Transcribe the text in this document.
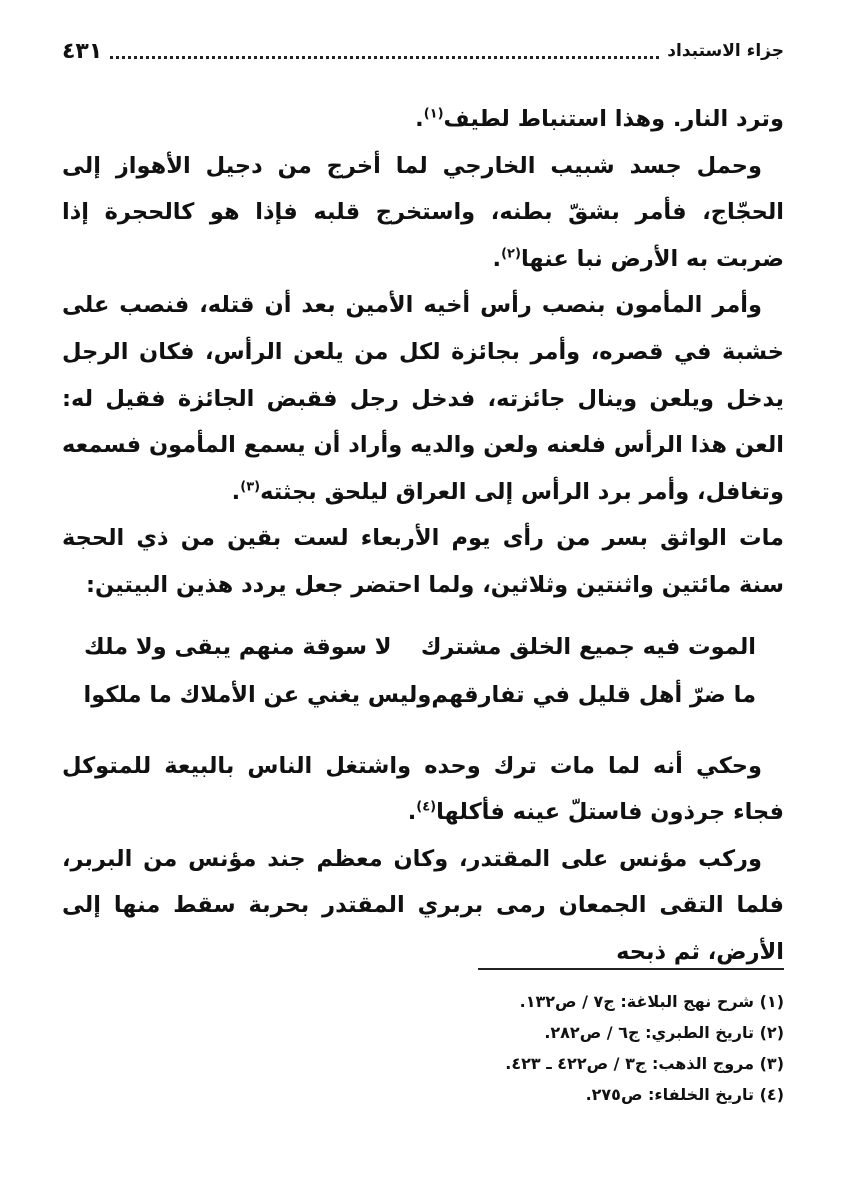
٤٣١	جزاء الاستبداد

وترد النار. وهذا استنباط لطيف$^{(١)}$.

وحمل جسد شبيب الخارجي لما أخرج من دجيل الأهواز إلى الحجّاج، فأمر بشقّ بطنه، واستخرج قلبه فإذا هو كالحجرة إذا ضربت به الأرض نبا عنها$^{(٢)}$.

وأمر المأمون بنصب رأس أخيه الأمين بعد أن قتله، فنصب على خشبة في قصره، وأمر بجائزة لكل من يلعن الرأس، فكان الرجل يدخل ويلعن وينال جائزته، فدخل رجل فقبض الجائزة فقيل له: العن هذا الرأس فلعنه ولعن والديه وأراد أن يسمع المأمون فسمعه وتغافل، وأمر برد الرأس إلى العراق ليلحق بجثته$^{(٣)}$.

مات الواثق بسر من رأى يوم الأربعاء لست بقين من ذي الحجة سنة مائتين واثنتين وثلاثين، ولما احتضر جعل يردد هذين البيتين:

الموت فيه جميع الخلق مشترك
لا سوقة منهم يبقى ولا ملك
ما ضرّ أهل قليل في تفارقهم
وليس يغني عن الأملاك ما ملكوا

وحكي أنه لما مات ترك وحده واشتغل الناس بالبيعة للمتوكل فجاء جرذون فاستلّ عينه فأكلها$^{(٤)}$.

وركب مؤنس على المقتدر، وكان معظم جند مؤنس من البربر، فلما التقى الجمعان رمى بربري المقتدر بحربة سقط منها إلى الأرض، ثم ذبحه

(١) شرح نهج البلاغة: ج٧ / ص١٣٢.
(٢) تاريخ الطبري: ج٦ / ص٢٨٢.
(٣) مروج الذهب: ج٣ / ص٤٢٢ ـ ٤٢٣.
(٤) تاريخ الخلفاء: ص٢٧٥.
